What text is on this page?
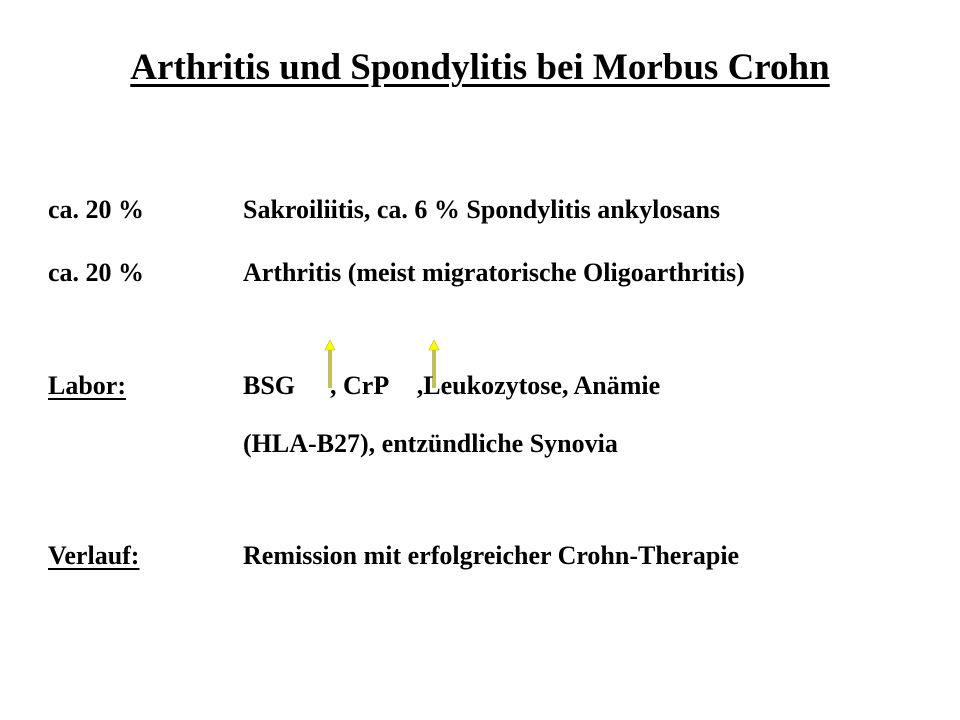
Arthritis und Spondylitis bei Morbus Crohn
ca. 20 %	Sakroiliitis, ca. 6 % Spondylitis ankylosans
ca. 20 %	Arthritis (meist migratorische Oligoarthritis)
Labor:	BSG , CrP ,Leukozytose, Anämie
(HLA-B27), entzündliche Synovia
Verlauf:	Remission mit erfolgreicher Crohn-Therapie
